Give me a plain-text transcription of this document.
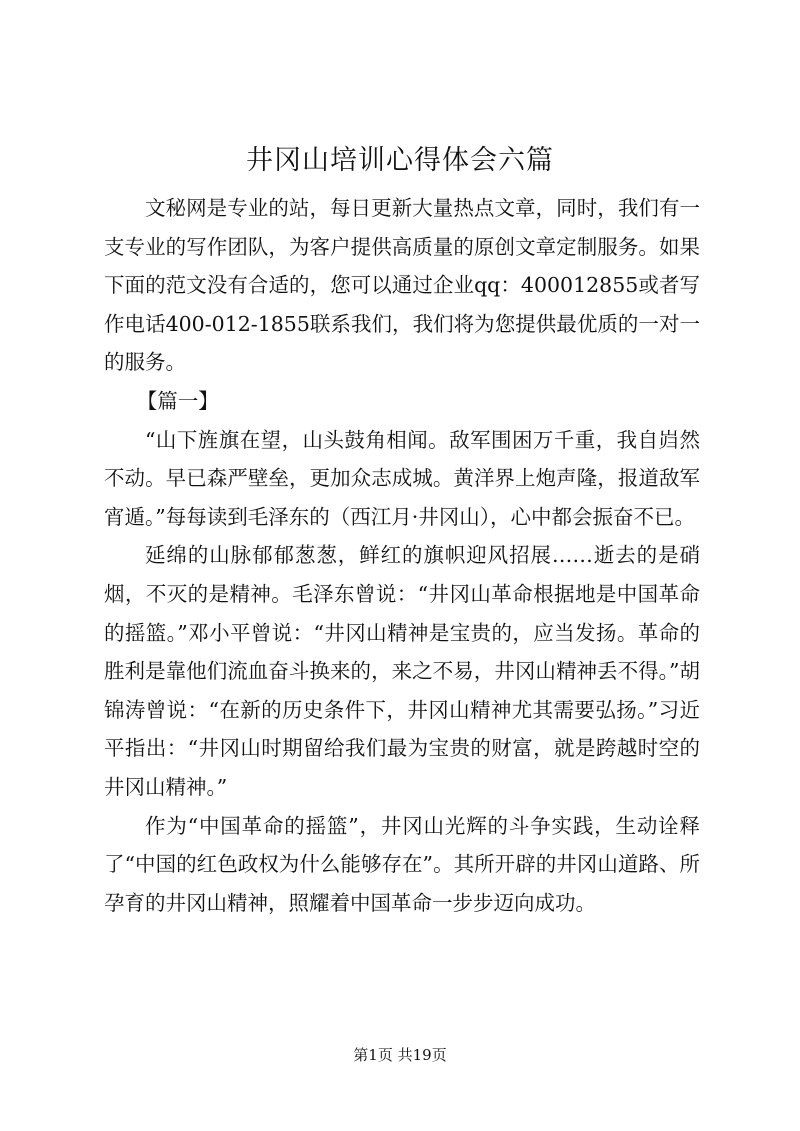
井冈山培训心得体会六篇

文秘网是专业的站，每日更新大量热点文章，同时，我们有一支专业的写作团队，为客户提供高质量的原创文章定制服务。如果下面的范文没有合适的，您可以通过企业qq：400012855或者写作电话400-012-1855联系我们，我们将为您提供最优质的一对一的服务。

【篇一】

“山下旌旗在望，山头鼓角相闻。敌军围困万千重，我自岿然不动。早已森严壁垒，更加众志成城。黄洋界上炮声隆，报道敌军宵遁。”每每读到毛泽东的（西江月·井冈山），心中都会振奋不已。

延绵的山脉郁郁葱葱，鲜红的旗帜迎风招展……逝去的是硝烟，不灭的是精神。毛泽东曾说：“井冈山革命根据地是中国革命的摇篮。”邓小平曾说：“井冈山精神是宝贵的，应当发扬。革命的胜利是靠他们流血奋斗换来的，来之不易，井冈山精神丢不得。”胡锦涛曾说：“在新的历史条件下，井冈山精神尤其需要弘扬。”习近平指出：“井冈山时期留给我们最为宝贵的财富，就是跨越时空的井冈山精神。”

作为“中国革命的摇篮”，井冈山光辉的斗争实践，生动诠释了“中国的红色政权为什么能够存在”。其所开辟的井冈山道路、所孕育的井冈山精神，照耀着中国革命一步步迈向成功。

第1页 共19页
